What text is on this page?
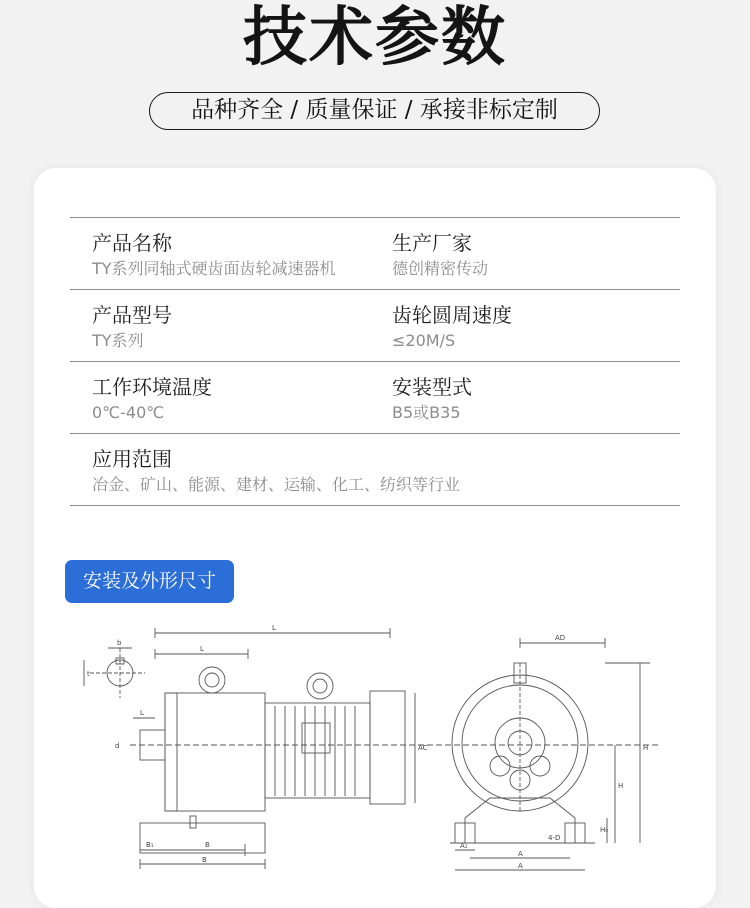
技术参数
品种齐全 / 质量保证 / 承接非标定制
产品名称
TY系列同轴式硬齿面齿轮减速器机
生产厂家
德创精密传动
产品型号
TY系列
齿轮圆周速度
≤20M/S
工作环境温度
0℃-40℃
安装型式
B5或B35
应用范围
冶金、矿山、能源、建材、运输、化工、纺织等行业
安装及外形尺寸
t
b
L
L
L
d	AC
B₁	B
B
AD
H
H
H₀
A₁
A
A
4-D
